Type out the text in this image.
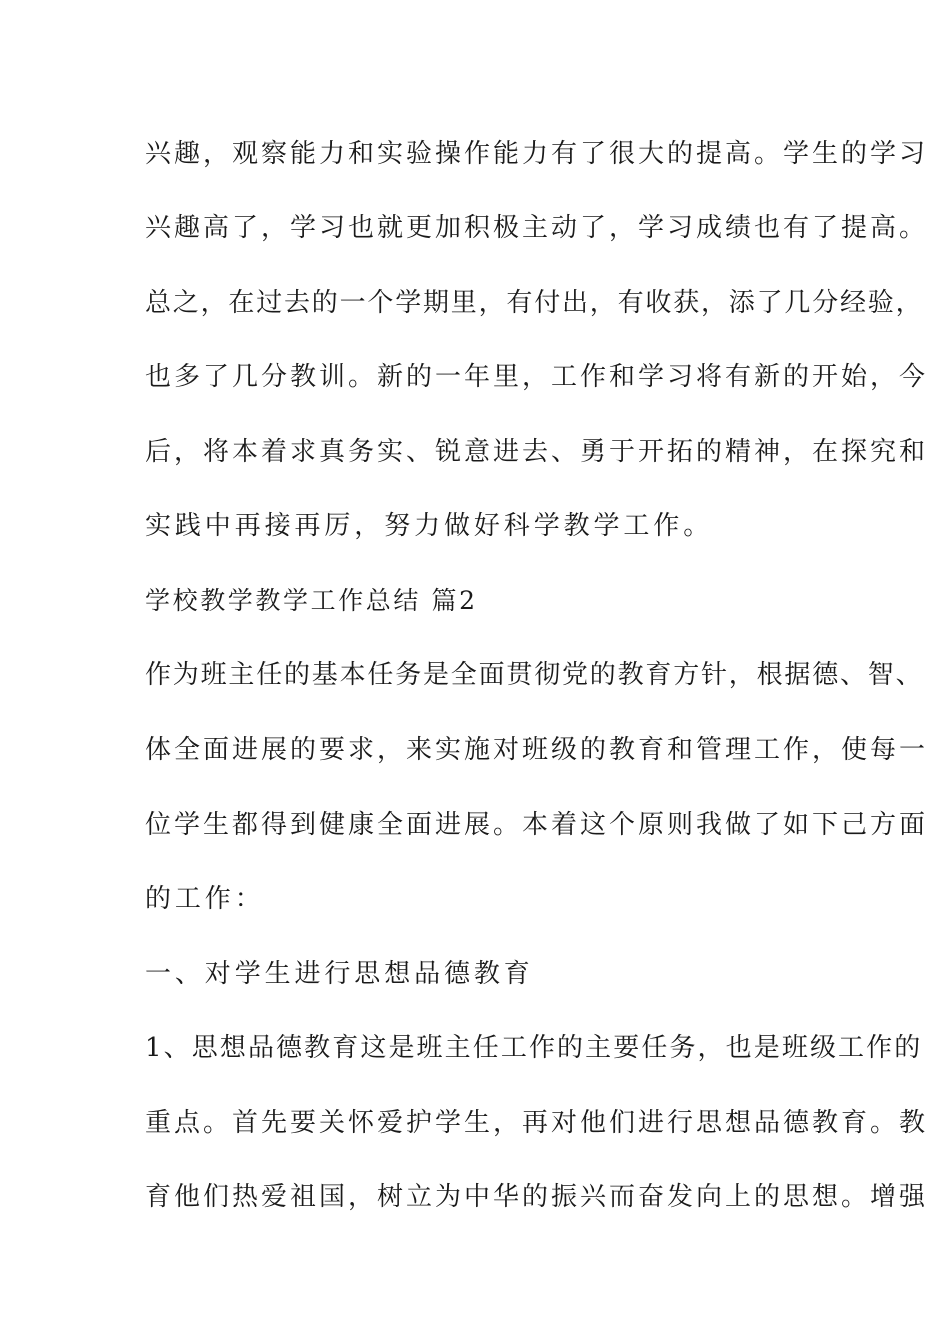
兴趣，观察能力和实验操作能力有了很大的提高。学生的学习
兴趣高了，学习也就更加积极主动了，学习成绩也有了提高。
总之，在过去的一个学期里，有付出，有收获，添了几分经验，
也多了几分教训。新的一年里，工作和学习将有新的开始，今
后，将本着求真务实、锐意进去、勇于开拓的精神，在探究和
实践中再接再厉，努力做好科学教学工作。
学校教学教学工作总结 篇2
作为班主任的基本任务是全面贯彻党的教育方针，根据德、智、
体全面进展的要求，来实施对班级的教育和管理工作，使每一
位学生都得到健康全面进展。本着这个原则我做了如下己方面
的工作：
一、对学生进行思想品德教育
1、思想品德教育这是班主任工作的主要任务，也是班级工作的
重点。首先要关怀爱护学生，再对他们进行思想品德教育。教
育他们热爱祖国，树立为中华的振兴而奋发向上的思想。增强
